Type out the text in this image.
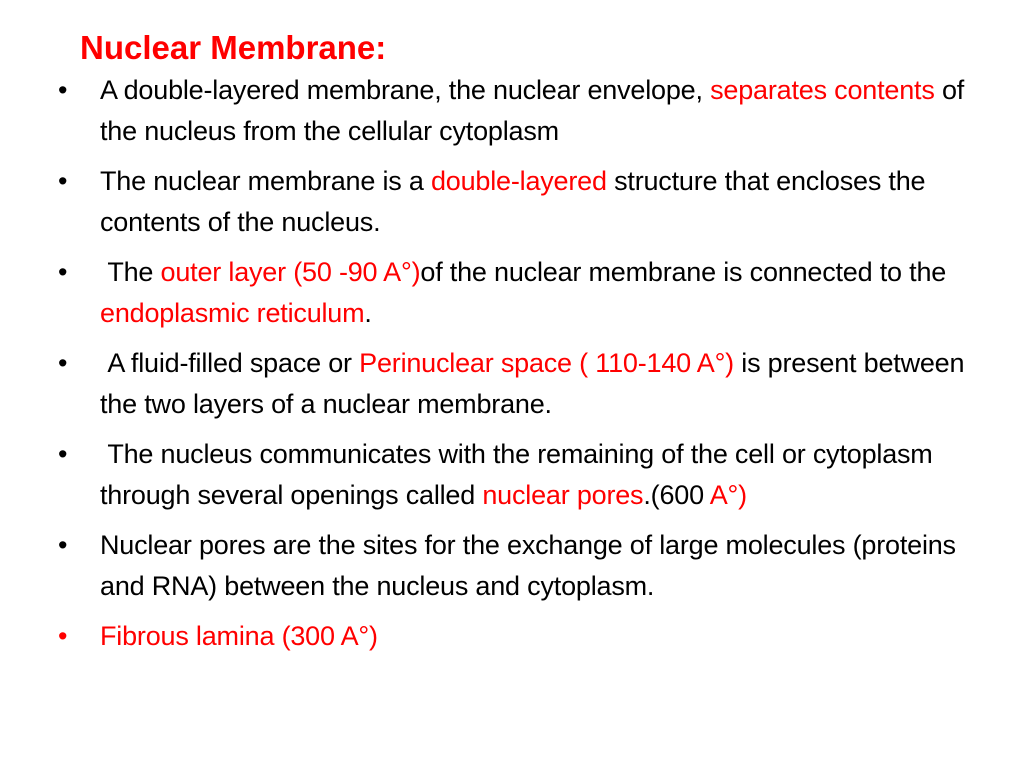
Nuclear Membrane:
•	A double-layered membrane, the nuclear envelope, separates contents of the nucleus from the cellular cytoplasm
•	The nuclear membrane is a double-layered structure that encloses the contents of the nucleus.
•	The outer layer (50 -90 A°)of the nuclear membrane is connected to the endoplasmic reticulum.
•	A fluid-filled space or Perinuclear space ( 110-140 A°) is present between the two layers of a nuclear membrane.
•	The nucleus communicates with the remaining of the cell or cytoplasm through several openings called nuclear pores.(600 A°)
•	Nuclear pores are the sites for the exchange of large molecules (proteins and RNA) between the nucleus and cytoplasm.
•	Fibrous lamina (300 A°)
